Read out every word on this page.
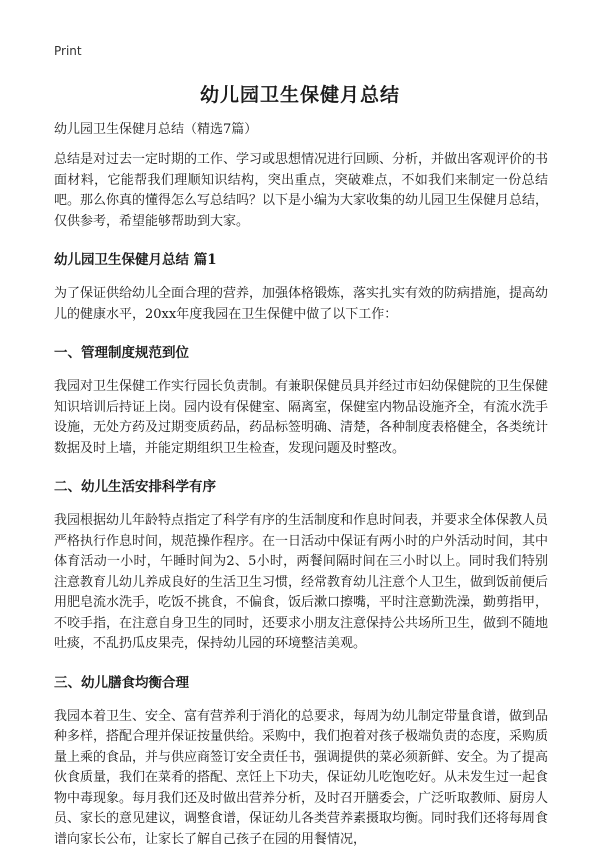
Print
幼儿园卫生保健月总结

幼儿园卫生保健月总结（精选7篇）

总结是对过去一定时期的工作、学习或思想情况进行回顾、分析，并做出客观评价的书面材料，它能帮我们理顺知识结构，突出重点，突破难点，不如我们来制定一份总结吧。那么你真的懂得怎么写总结吗？以下是小编为大家收集的幼儿园卫生保健月总结，仅供参考，希望能够帮助到大家。

幼儿园卫生保健月总结 篇1

为了保证供给幼儿全面合理的营养，加强体格锻炼，落实扎实有效的防病措施，提高幼儿的健康水平，20xx年度我园在卫生保健中做了以下工作：

一、管理制度规范到位

我园对卫生保健工作实行园长负责制。有兼职保健员具并经过市妇幼保健院的卫生保健知识培训后持证上岗。园内设有保健室、隔离室，保健室内物品设施齐全，有流水洗手设施，无处方药及过期变质药品，药品标签明确、清楚，各种制度表格健全，各类统计数据及时上墙，并能定期组织卫生检查，发现问题及时整改。

二、幼儿生活安排科学有序

我园根据幼儿年龄特点指定了科学有序的生活制度和作息时间表，并要求全体保教人员严格执行作息时间，规范操作程序。在一日活动中保证有两小时的户外活动时间，其中体育活动一小时，午睡时间为2、5小时，两餐间隔时间在三小时以上。同时我们特别注意教育儿幼儿养成良好的生活卫生习惯，经常教育幼儿注意个人卫生，做到饭前便后用肥皂流水洗手，吃饭不挑食，不偏食，饭后漱口擦嘴，平时注意勤洗澡，勤剪指甲，不咬手指，在注意自身卫生的同时，还要求小朋友注意保持公共场所卫生，做到不随地吐痰，不乱扔瓜皮果壳，保持幼儿园的环境整洁美观。

三、幼儿膳食均衡合理

我园本着卫生、安全、富有营养利于消化的总要求，每周为幼儿制定带量食谱，做到品种多样，搭配合理并保证按量供给。采购中，我们抱着对孩子极端负责的态度，采购质量上乘的食品，并与供应商签订安全责任书，强调提供的菜必须新鲜、安全。为了提高伙食质量，我们在菜肴的搭配、烹饪上下功夫，保证幼儿吃饱吃好。从未发生过一起食物中毒现象。每月我们还及时做出营养分析，及时召开膳委会，广泛听取教师、厨房人员、家长的意见建议，调整食谱，保证幼儿各类营养素摄取均衡。同时我们还将每周食谱向家长公布，让家长了解自己孩子在园的用餐情况，
